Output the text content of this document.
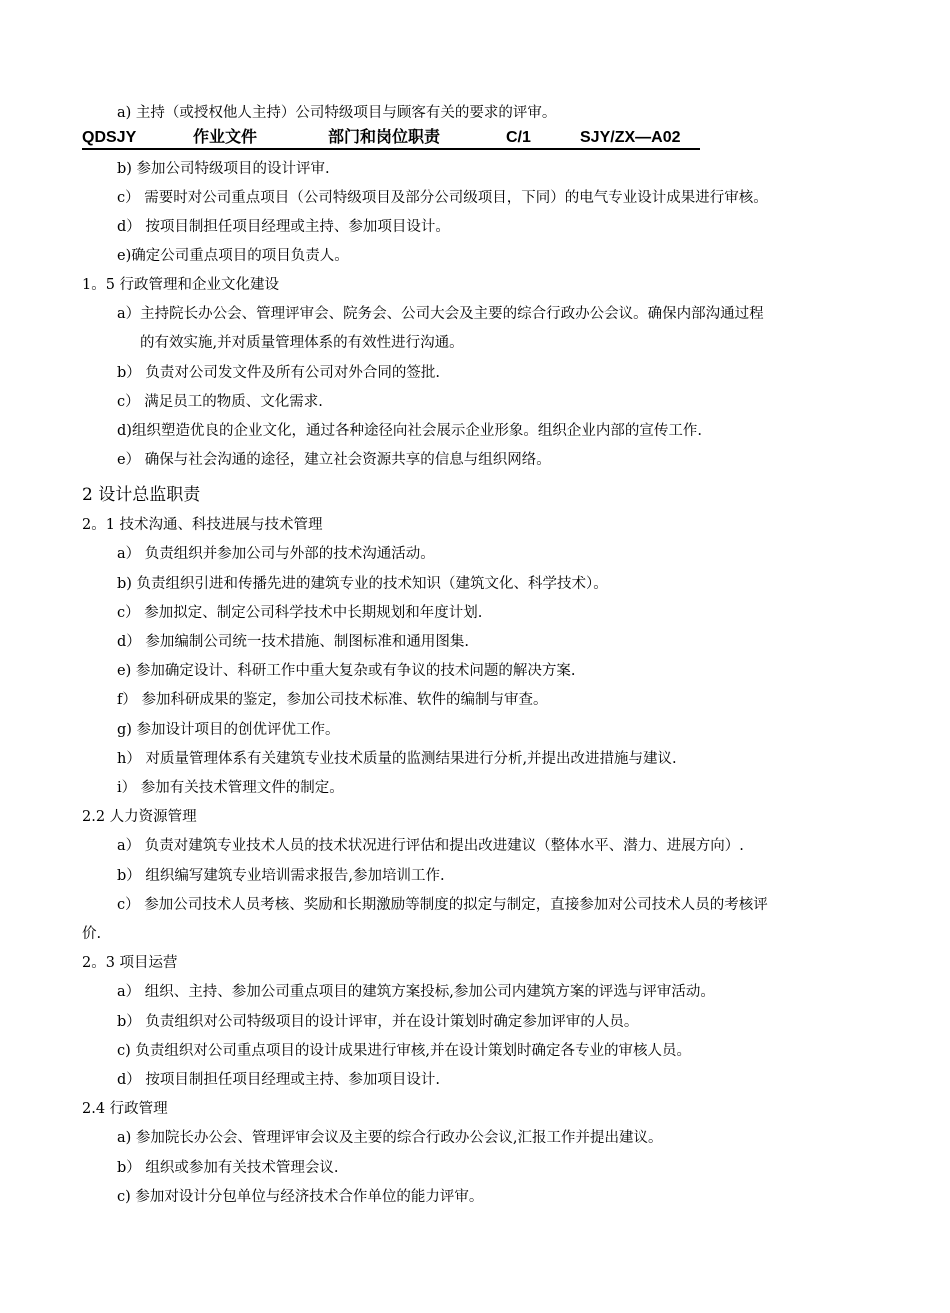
a) 主持（或授权他人主持）公司特级项目与顾客有关的要求的评审。
QDSJY	作业文件	部门和岗位职责	C/1	SJY/ZX—A02
b) 参加公司特级项目的设计评审.
c） 需要时对公司重点项目（公司特级项目及部分公司级项目，下同）的电气专业设计成果进行审核。
d） 按项目制担任项目经理或主持、参加项目设计。
e)确定公司重点项目的项目负责人。
1。5 行政管理和企业文化建设
a）主持院长办公会、管理评审会、院务会、公司大会及主要的综合行政办公会议。确保内部沟通过程
的有效实施,并对质量管理体系的有效性进行沟通。
b） 负责对公司发文件及所有公司对外合同的签批.
c） 满足员工的物质、文化需求.
d)组织塑造优良的企业文化，通过各种途径向社会展示企业形象。组织企业内部的宣传工作.
e） 确保与社会沟通的途径，建立社会资源共享的信息与组织网络。
2 设计总监职责
2。1 技术沟通、科技进展与技术管理
a） 负责组织并参加公司与外部的技术沟通活动。
b) 负责组织引进和传播先进的建筑专业的技术知识（建筑文化、科学技术）。
c） 参加拟定、制定公司科学技术中长期规划和年度计划.
d） 参加编制公司统一技术措施、制图标准和通用图集.
e) 参加确定设计、科研工作中重大复杂或有争议的技术问题的解决方案.
f） 参加科研成果的鉴定，参加公司技术标准、软件的编制与审查。
g) 参加设计项目的创优评优工作。
h） 对质量管理体系有关建筑专业技术质量的监测结果进行分析,并提出改进措施与建议.
i） 参加有关技术管理文件的制定。
2.2 人力资源管理
a） 负责对建筑专业技术人员的技术状况进行评估和提出改进建议（整体水平、潜力、进展方向）.
b） 组织编写建筑专业培训需求报告,参加培训工作.
c） 参加公司技术人员考核、奖励和长期激励等制度的拟定与制定，直接参加对公司技术人员的考核评
价.
2。3 项目运营
a） 组织、主持、参加公司重点项目的建筑方案投标,参加公司内建筑方案的评选与评审活动。
b） 负责组织对公司特级项目的设计评审，并在设计策划时确定参加评审的人员。
c) 负责组织对公司重点项目的设计成果进行审核,并在设计策划时确定各专业的审核人员。
d） 按项目制担任项目经理或主持、参加项目设计.
2.4 行政管理
a) 参加院长办公会、管理评审会议及主要的综合行政办公会议,汇报工作并提出建议。
b） 组织或参加有关技术管理会议.
c) 参加对设计分包单位与经济技术合作单位的能力评审。
